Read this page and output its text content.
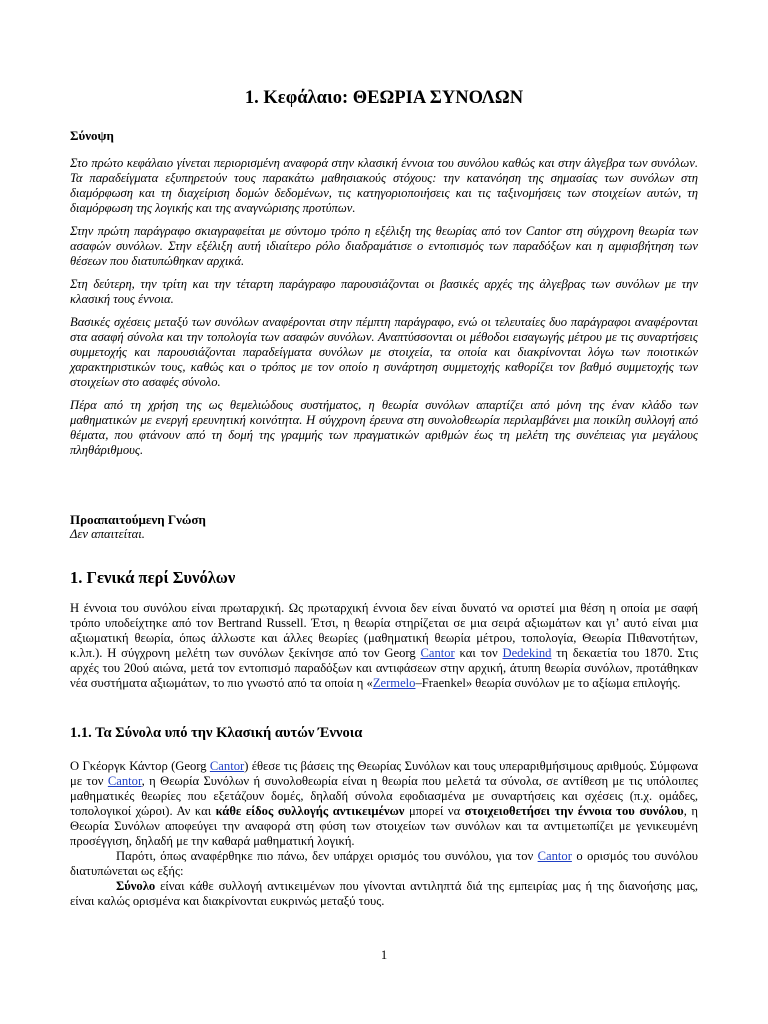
1. Κεφάλαιο: ΘΕΩΡΙΑ ΣΥΝΟΛΩΝ

Σύνοψη

Στο πρώτο κεφάλαιο γίνεται περιορισμένη αναφορά στην κλασική έννοια του συνόλου καθώς και στην άλγεβρα των συνόλων. Τα παραδείγματα εξυπηρετούν τους παρακάτω μαθησιακούς στόχους: την κατανόηση της σημασίας των συνόλων στη διαμόρφωση και τη διαχείριση δομών δεδομένων, τις κατηγοριοποιήσεις και τις ταξινομήσεις των στοιχείων αυτών, τη διαμόρφωση της λογικής και της αναγνώρισης προτύπων.

Στην πρώτη παράγραφο σκιαγραφείται με σύντομο τρόπο η εξέλιξη της θεωρίας από τον Cantor στη σύγχρονη θεωρία των ασαφών συνόλων. Στην εξέλιξη αυτή ιδιαίτερο ρόλο διαδραμάτισε ο εντοπισμός των παραδόξων και η αμφισβήτηση των θέσεων που διατυπώθηκαν αρχικά.

Στη δεύτερη, την τρίτη και την τέταρτη παράγραφο παρουσιάζονται οι βασικές αρχές της άλγεβρας των συνόλων με την κλασική τους έννοια.

Βασικές σχέσεις μεταξύ των συνόλων αναφέρονται στην πέμπτη παράγραφο, ενώ οι τελευταίες δυο παράγραφοι αναφέρονται στα ασαφή σύνολα και την τοπολογία των ασαφών συνόλων. Αναπτύσσονται οι μέθοδοι εισαγωγής μέτρου με τις συναρτήσεις συμμετοχής και παρουσιάζονται παραδείγματα συνόλων με στοιχεία, τα οποία και διακρίνονται λόγω των ποιοτικών χαρακτηριστικών τους, καθώς και ο τρόπος με τον οποίο η συνάρτηση συμμετοχής καθορίζει τον βαθμό συμμετοχής των στοιχείων στο ασαφές σύνολο.

Πέρα από τη χρήση της ως θεμελιώδους συστήματος, η θεωρία συνόλων απαρτίζει από μόνη της έναν κλάδο των μαθηματικών με ενεργή ερευνητική κοινότητα. Η σύγχρονη έρευνα στη συνολοθεωρία περιλαμβάνει μια ποικίλη συλλογή από θέματα, που φτάνουν από τη δομή της γραμμής των πραγματικών αριθμών έως τη μελέτη της συνέπειας για μεγάλους πληθάριθμους.

Προαπαιτούμενη Γνώση

Δεν απαιτείται.

1. Γενικά περί Συνόλων

Η έννοια του συνόλου είναι πρωταρχική. Ως πρωταρχική έννοια δεν είναι δυνατό να οριστεί μια θέση η οποία με σαφή τρόπο υποδείχτηκε από τον Bertrand Russell. Έτσι, η θεωρία στηρίζεται σε μια σειρά αξιωμάτων και γι’ αυτό είναι μια αξιωματική θεωρία, όπως άλλωστε και άλλες θεωρίες (μαθηματική θεωρία μέτρου, τοπολογία, Θεωρία Πιθανοτήτων, κ.λπ.). Η σύγχρονη μελέτη των συνόλων ξεκίνησε από τον Georg Cantor και τον Dedekind τη δεκαετία του 1870. Στις αρχές του 20ού αιώνα, μετά τον εντοπισμό παραδόξων και αντιφάσεων στην αρχική, άτυπη θεωρία συνόλων, προτάθηκαν νέα συστήματα αξιωμάτων, το πιο γνωστό από τα οποία η «Zermelo–Fraenkel» θεωρία συνόλων με το αξίωμα επιλογής.

1.1. Τα Σύνολα υπό την Κλασική αυτών Έννοια

Ο Γκέοργκ Κάντορ (Georg Cantor) έθεσε τις βάσεις της Θεωρίας Συνόλων και τους υπεραριθμήσιμους αριθμούς. Σύμφωνα με τον Cantor, η Θεωρία Συνόλων ή συνολοθεωρία είναι η θεωρία που μελετά τα σύνολα, σε αντίθεση με τις υπόλοιπες μαθηματικές θεωρίες που εξετάζουν δομές, δηλαδή σύνολα εφοδιασμένα με συναρτήσεις και σχέσεις (π.χ. ομάδες, τοπολογικοί χώροι). Αν και κάθε είδος συλλογής αντικειμένων μπορεί να στοιχειοθετήσει την έννοια του συνόλου, η Θεωρία Συνόλων αποφεύγει την αναφορά στη φύση των στοιχείων των συνόλων και τα αντιμετωπίζει με γενικευμένη προσέγγιση, δηλαδή με την καθαρά μαθηματική λογική.

Παρότι, όπως αναφέρθηκε πιο πάνω, δεν υπάρχει ορισμός του συνόλου, για τον Cantor ο ορισμός του συνόλου διατυπώνεται ως εξής:

Σύνολο είναι κάθε συλλογή αντικειμένων που γίνονται αντιληπτά διά της εμπειρίας μας ή της διανοήσης μας, είναι καλώς ορισμένα και διακρίνονται ευκρινώς μεταξύ τους.

1
